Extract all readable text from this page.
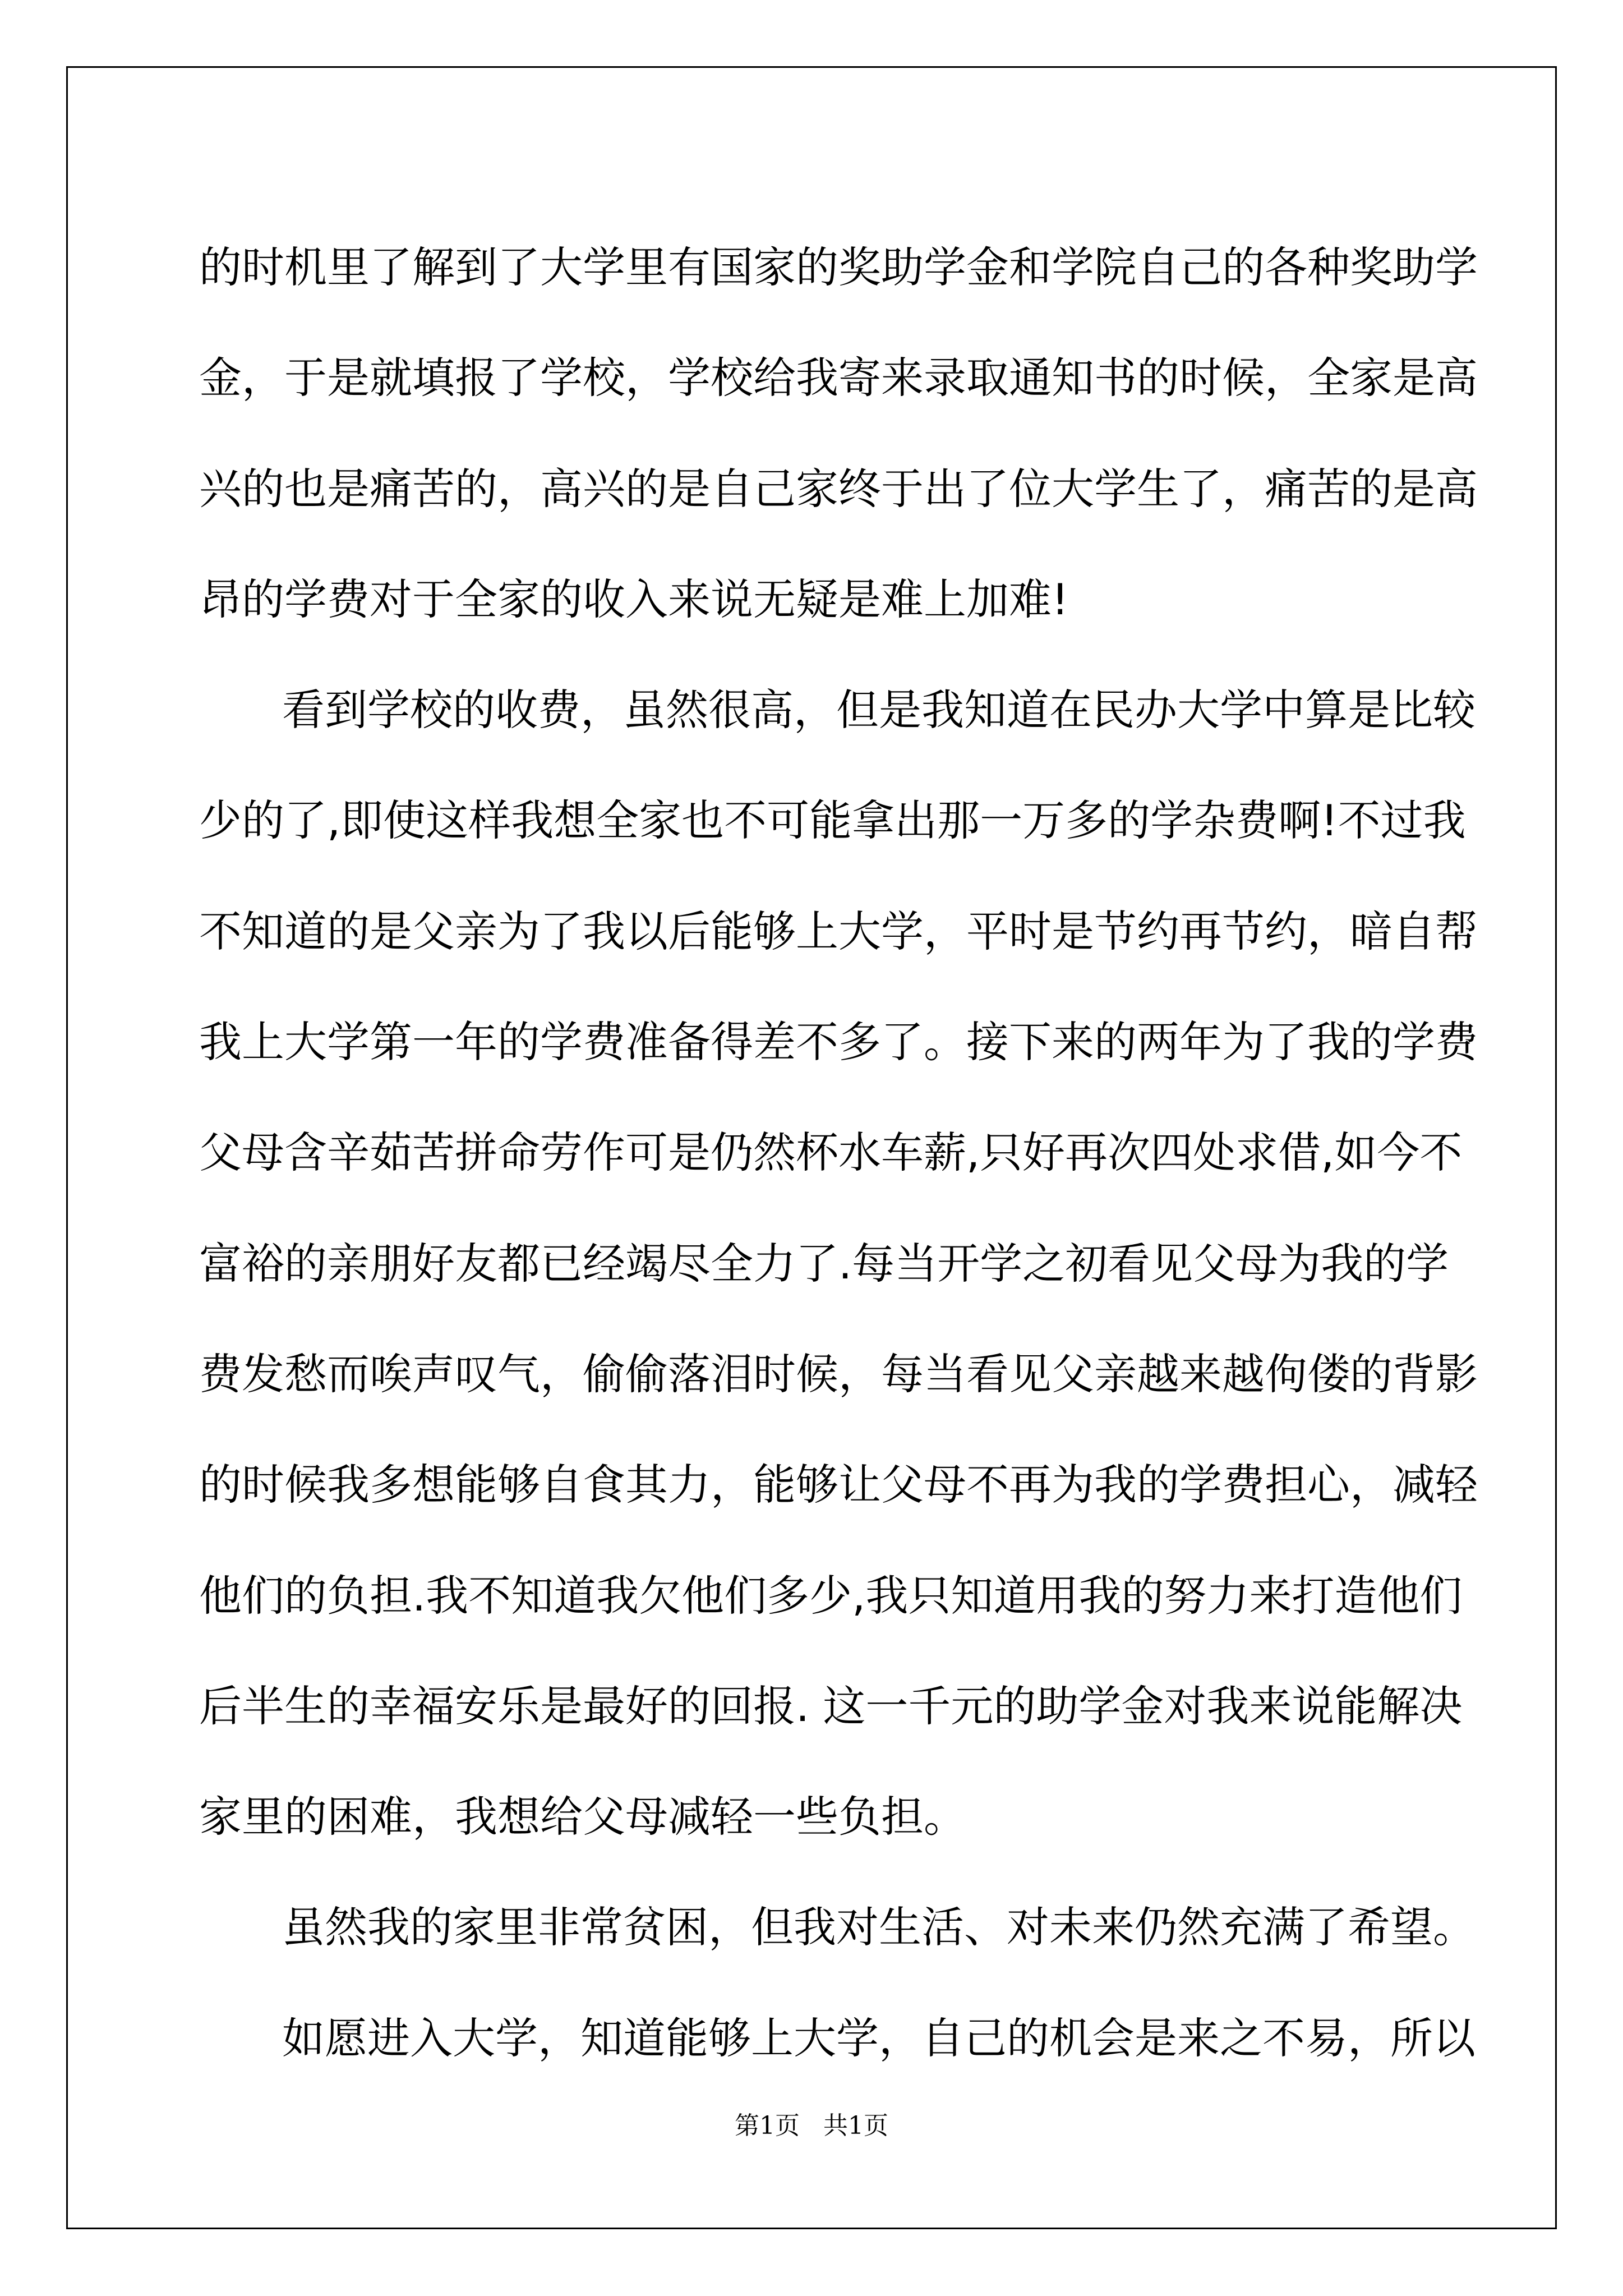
的时机里了解到了大学里有国家的奖助学金和学院自己的各种奖助学
金，于是就填报了学校，学校给我寄来录取通知书的时候，全家是高
兴的也是痛苦的，高兴的是自己家终于出了位大学生了，痛苦的是高
昂的学费对于全家的收入来说无疑是难上加难!
看到学校的收费，虽然很高，但是我知道在民办大学中算是比较
少的了,即使这样我想全家也不可能拿出那一万多的学杂费啊!不过我
不知道的是父亲为了我以后能够上大学，平时是节约再节约，暗自帮
我上大学第一年的学费准备得差不多了。接下来的两年为了我的学费
父母含辛茹苦拼命劳作可是仍然杯水车薪,只好再次四处求借,如今不
富裕的亲朋好友都已经竭尽全力了.每当开学之初看见父母为我的学
费发愁而唉声叹气，偷偷落泪时候，每当看见父亲越来越佝偻的背影
的时候我多想能够自食其力，能够让父母不再为我的学费担心，减轻
他们的负担.我不知道我欠他们多少,我只知道用我的努力来打造他们
后半生的幸福安乐是最好的回报. 这一千元的助学金对我来说能解决
家里的困难，我想给父母减轻一些负担。
虽然我的家里非常贫困，但我对生活、对未来仍然充满了希望。
如愿进入大学，知道能够上大学，自己的机会是来之不易，所以
第1页 共1页
